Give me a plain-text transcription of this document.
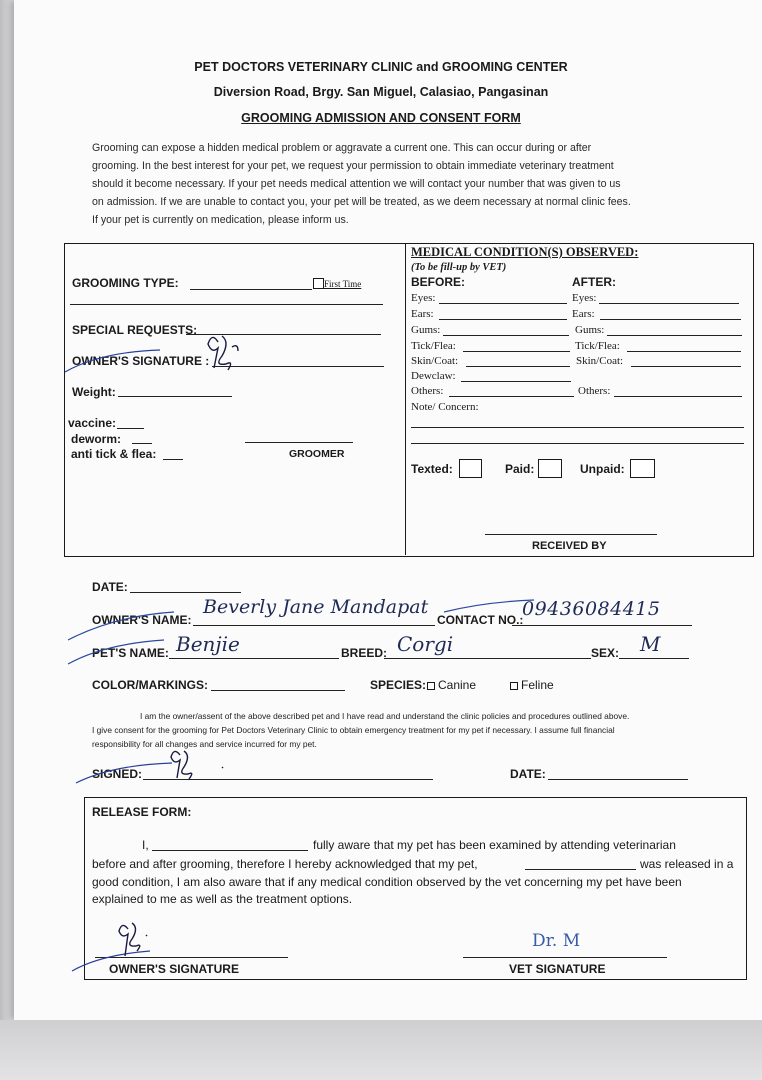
PET DOCTORS VETERINARY CLINIC and GROOMING CENTER
Diversion Road, Brgy. San Miguel, Calasiao, Pangasinan
GROOMING ADMISSION AND CONSENT FORM
Grooming can expose a hidden medical problem or aggravate a current one. This can occur during or after
grooming. In the best interest for your pet, we request your permission to obtain immediate veterinary treatment
should it become necessary. If your pet needs medical attention we will contact your number that was given to us
on admission. If we are unable to contact you, your pet will be treated, as we deem necessary at normal clinic fees.
If your pet is currently on medication, please inform us.
GROOMING TYPE:	First Time
SPECIAL REQUESTS:
OWNER'S SIGNATURE :
Weight:
vaccine:
deworm:
anti tick & flea:	GROOMER
MEDICAL CONDITION(S) OBSERVED:
(To be fill-up by VET)
BEFORE:	AFTER:
Eyes:	Eyes:
Ears:	Ears:
Gums:	Gums:
Tick/Flea:	Tick/Flea:
Skin/Coat:	Skin/Coat:
Dewclaw:
Others:	Others:
Note/ Concern:
Texted:	Paid:	Unpaid:
RECEIVED BY
DATE:
OWNER'S NAME:
Beverly Jane Mandapat
CONTACT NO.:
09436084415
PET'S NAME: Benjie	BREED: Corgi	SEX: M
COLOR/MARKINGS:	SPECIES: Canine	Feline
I am the owner/assent of the above described pet and I have read and understand the clinic policies and procedures outlined above.
I give consent for the grooming for Pet Doctors Veterinary Clinic to obtain emergency treatment for my pet if necessary. I assume full financial
responsibility for all changes and service incurred for my pet.
SIGNED:	DATE:
RELEASE FORM:
I,	fully aware that my pet has been examined by attending veterinarian
before and after grooming, therefore I hereby acknowledged that my pet,	was released in a
good condition, I am also aware that if any medical condition observed by the vet concerning my pet have been
explained to me as well as the treatment options.
OWNER'S SIGNATURE	VET SIGNATURE
Dr. M
